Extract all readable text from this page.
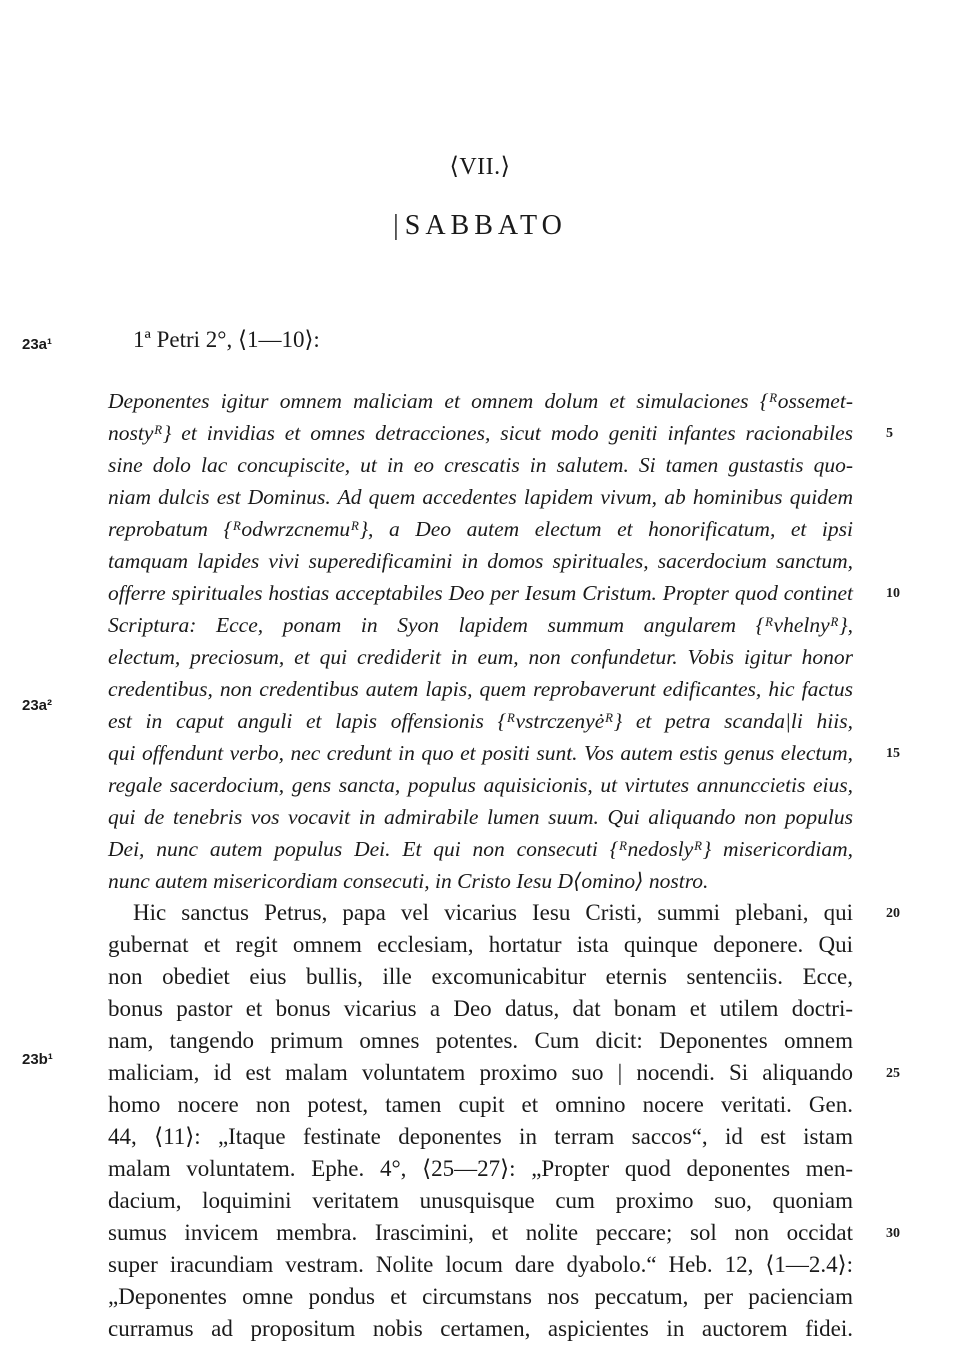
⟨VII.⟩
| SABBATO
23a¹	1ª Petri 2°, ⟨1—10⟩:
Deponentes igitur omnem maliciam et omnem dolum et simulaciones {ᴿossemet-
nostyᴿ} et invidias et omnes detracciones, sicut modo geniti infantes racionabiles
sine dolo lac concupiscite, ut in eo crescatis in salutem. Si tamen gustastis quo-
niam dulcis est Dominus. Ad quem accedentes lapidem vivum, ab hominibus quidem
reprobatum {ᴿodwrzcnemuᴿ}, a Deo autem electum et honorificatum, et ipsi
tamquam lapides vivi superedificamini in domos spirituales, sacerdocium sanctum,
offerre spirituales hostias acceptabiles Deo per Iesum Cristum. Propter quod continet
Scriptura: Ecce, ponam in Syon lapidem summum angularem {ᴿvhelnyᴿ},
electum, preciosum, et qui crediderit in eum, non confundetur. Vobis igitur honor
credentibus, non credentibus autem lapis, quem reprobaverunt edificantes, hic factus
est in caput anguli et lapis offensionis {ᴿvstrczenyėᴿ} et petra scanda|li hiis,
qui offendunt verbo, nec credunt in quo et positi sunt. Vos autem estis genus electum,
regale sacerdocium, gens sancta, populus aquisicionis, ut virtutes annunccietis eius,
qui de tenebris vos vocavit in admirabile lumen suum. Qui aliquando non populus
Dei, nunc autem populus Dei. Et qui non consecuti {ᴿnedoslyᴿ} misericordiam,
nunc autem misericordiam consecuti, in Cristo Iesu D⟨omino⟩ nostro.
Hic sanctus Petrus, papa vel vicarius Iesu Cristi, summi plebani, qui
gubernat et regit omnem ecclesiam, hortatur ista quinque deponere. Qui
non obediet eius bullis, ille excomunicabitur eternis sentenciis. Ecce,
bonus pastor et bonus vicarius a Deo datus, dat bonam et utilem doctri-
nam, tangendo primum omnes potentes. Cum dicit: Deponentes omnem
maliciam, id est malam voluntatem proximo suo | nocendi. Si aliquando
homo nocere non potest, tamen cupit et omnino nocere veritati. Gen.
44, ⟨11⟩: „Itaque festinate deponentes in terram saccos“, id est istam
malam voluntatem. Ephe. 4°, ⟨25—27⟩: „Propter quod deponentes men-
dacium, loquimini veritatem unusquisque cum proximo suo, quoniam
sumus invicem membra. Irascimini, et nolite peccare; sol non occidat
super iracundiam vestram. Nolite locum dare dyabolo.“ Heb. 12, ⟨1—2.4⟩:
„Deponentes omne pondus et circumstans nos peccatum, per pacienciam
curramus ad propositum nobis certamen, aspicientes in auctorem fidei.
23a²
23b¹
5
10
15
20
25
30
